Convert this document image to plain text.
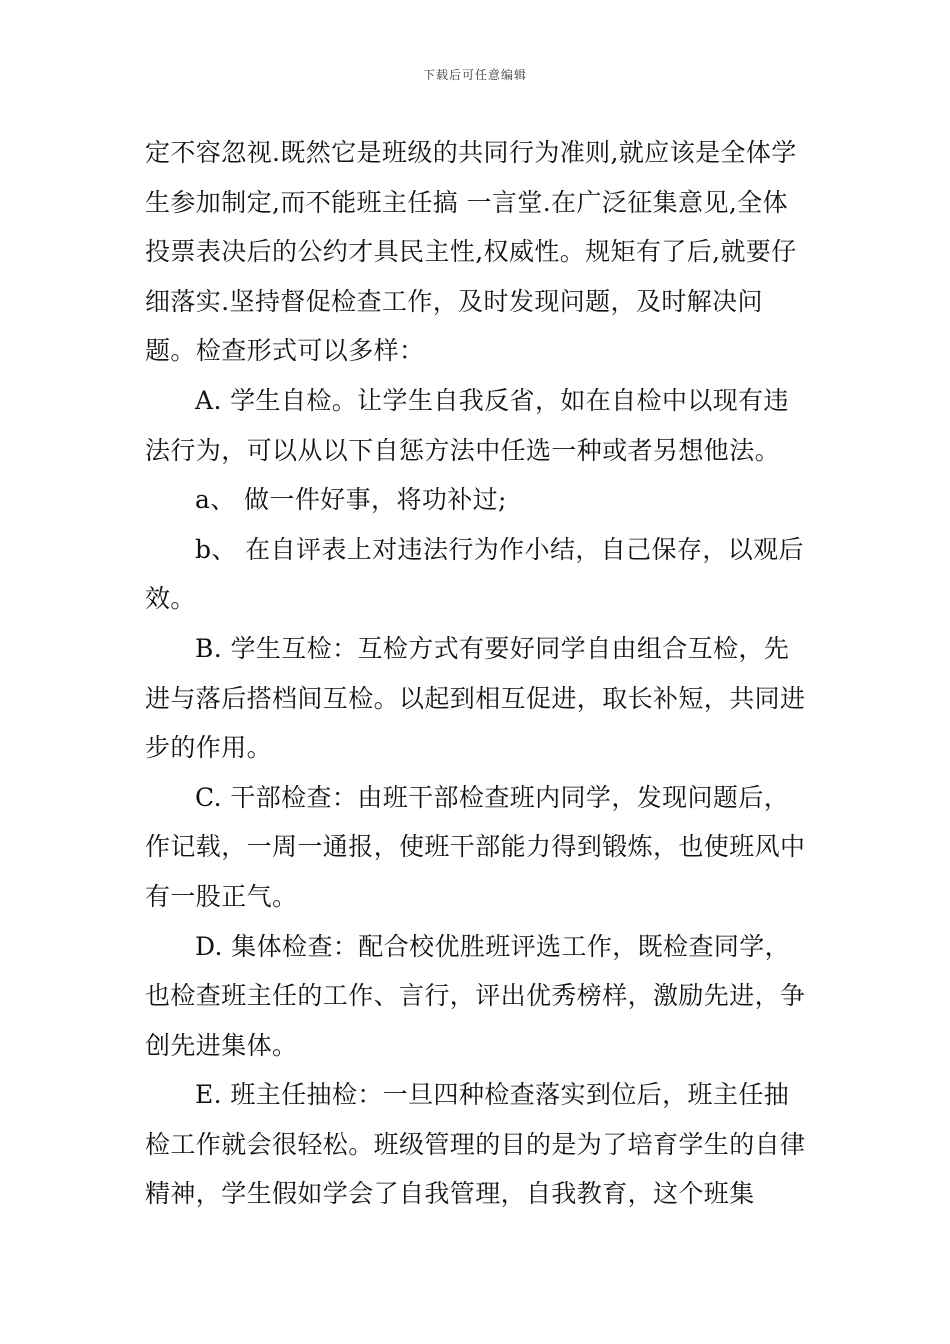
下载后可任意编辑

定不容忽视.既然它是班级的共同行为准则,就应该是全体学生参加制定,而不能班主任搞 一言堂.在广泛征集意见,全体投票表决后的公约才具民主性,权威性。规矩有了后,就要仔细落实.坚持督促检查工作，及时发现问题，及时解决问题。检查形式可以多样：

A. 学生自检。让学生自我反省，如在自检中以现有违法行为，可以从以下自惩方法中任选一种或者另想他法。

a、 做一件好事，将功补过;

b、 在自评表上对违法行为作小结，自己保存，以观后效。

B. 学生互检：互检方式有要好同学自由组合互检，先进与落后搭档间互检。以起到相互促进，取长补短，共同进步的作用。

C. 干部检查：由班干部检查班内同学，发现问题后，作记载，一周一通报，使班干部能力得到锻炼，也使班风中有一股正气。

D. 集体检查：配合校优胜班评选工作，既检查同学，也检查班主任的工作、言行，评出优秀榜样，激励先进，争创先进集体。

E. 班主任抽检：一旦四种检查落实到位后，班主任抽检工作就会很轻松。班级管理的目的是为了培育学生的自律精神，学生假如学会了自我管理，自我教育，这个班集
